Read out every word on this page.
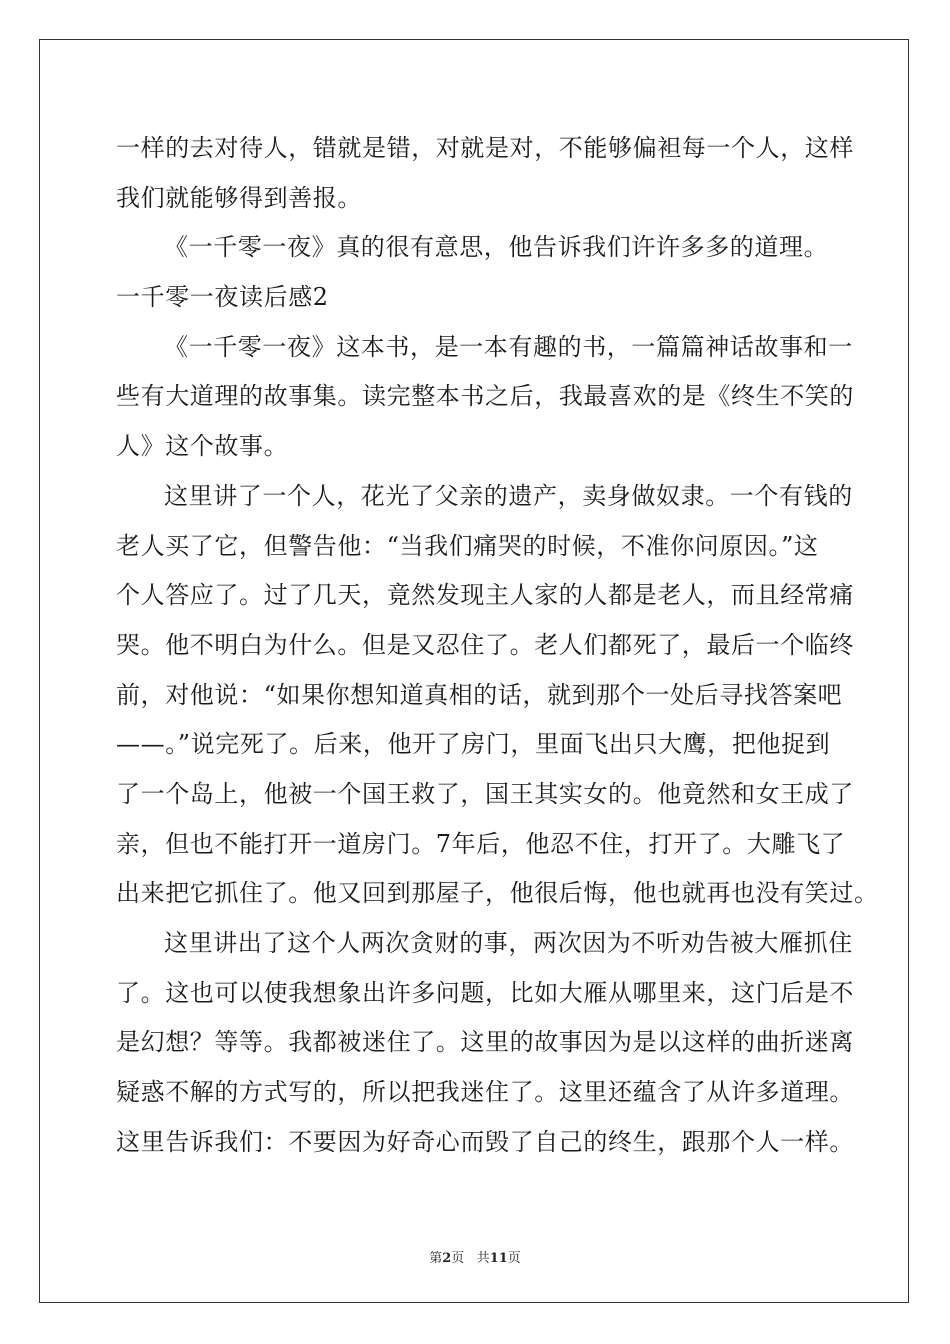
一样的去对待人，错就是错，对就是对，不能够偏袒每一个人，这样
我们就能够得到善报。
《一千零一夜》真的很有意思，他告诉我们许许多多的道理。
一千零一夜读后感2
《一千零一夜》这本书，是一本有趣的书，一篇篇神话故事和一
些有大道理的故事集。读完整本书之后，我最喜欢的是《终生不笑的
人》这个故事。
这里讲了一个人，花光了父亲的遗产，卖身做奴隶。一个有钱的
老人买了它，但警告他：“当我们痛哭的时候，不准你问原因。”这
个人答应了。过了几天，竟然发现主人家的人都是老人，而且经常痛
哭。他不明白为什么。但是又忍住了。老人们都死了，最后一个临终
前，对他说：“如果你想知道真相的话，就到那个一处后寻找答案吧
——。”说完死了。后来，他开了房门，里面飞出只大鹰，把他捉到
了一个岛上，他被一个国王救了，国王其实女的。他竟然和女王成了
亲，但也不能打开一道房门。7年后，他忍不住，打开了。大雕飞了
出来把它抓住了。他又回到那屋子，他很后悔，他也就再也没有笑过。
这里讲出了这个人两次贪财的事，两次因为不听劝告被大雁抓住
了。这也可以使我想象出许多问题，比如大雁从哪里来，这门后是不
是幻想？等等。我都被迷住了。这里的故事因为是以这样的曲折迷离
疑惑不解的方式写的，所以把我迷住了。这里还蕴含了从许多道理。
这里告诉我们：不要因为好奇心而毁了自己的终生，跟那个人一样。
第2页 共11页
